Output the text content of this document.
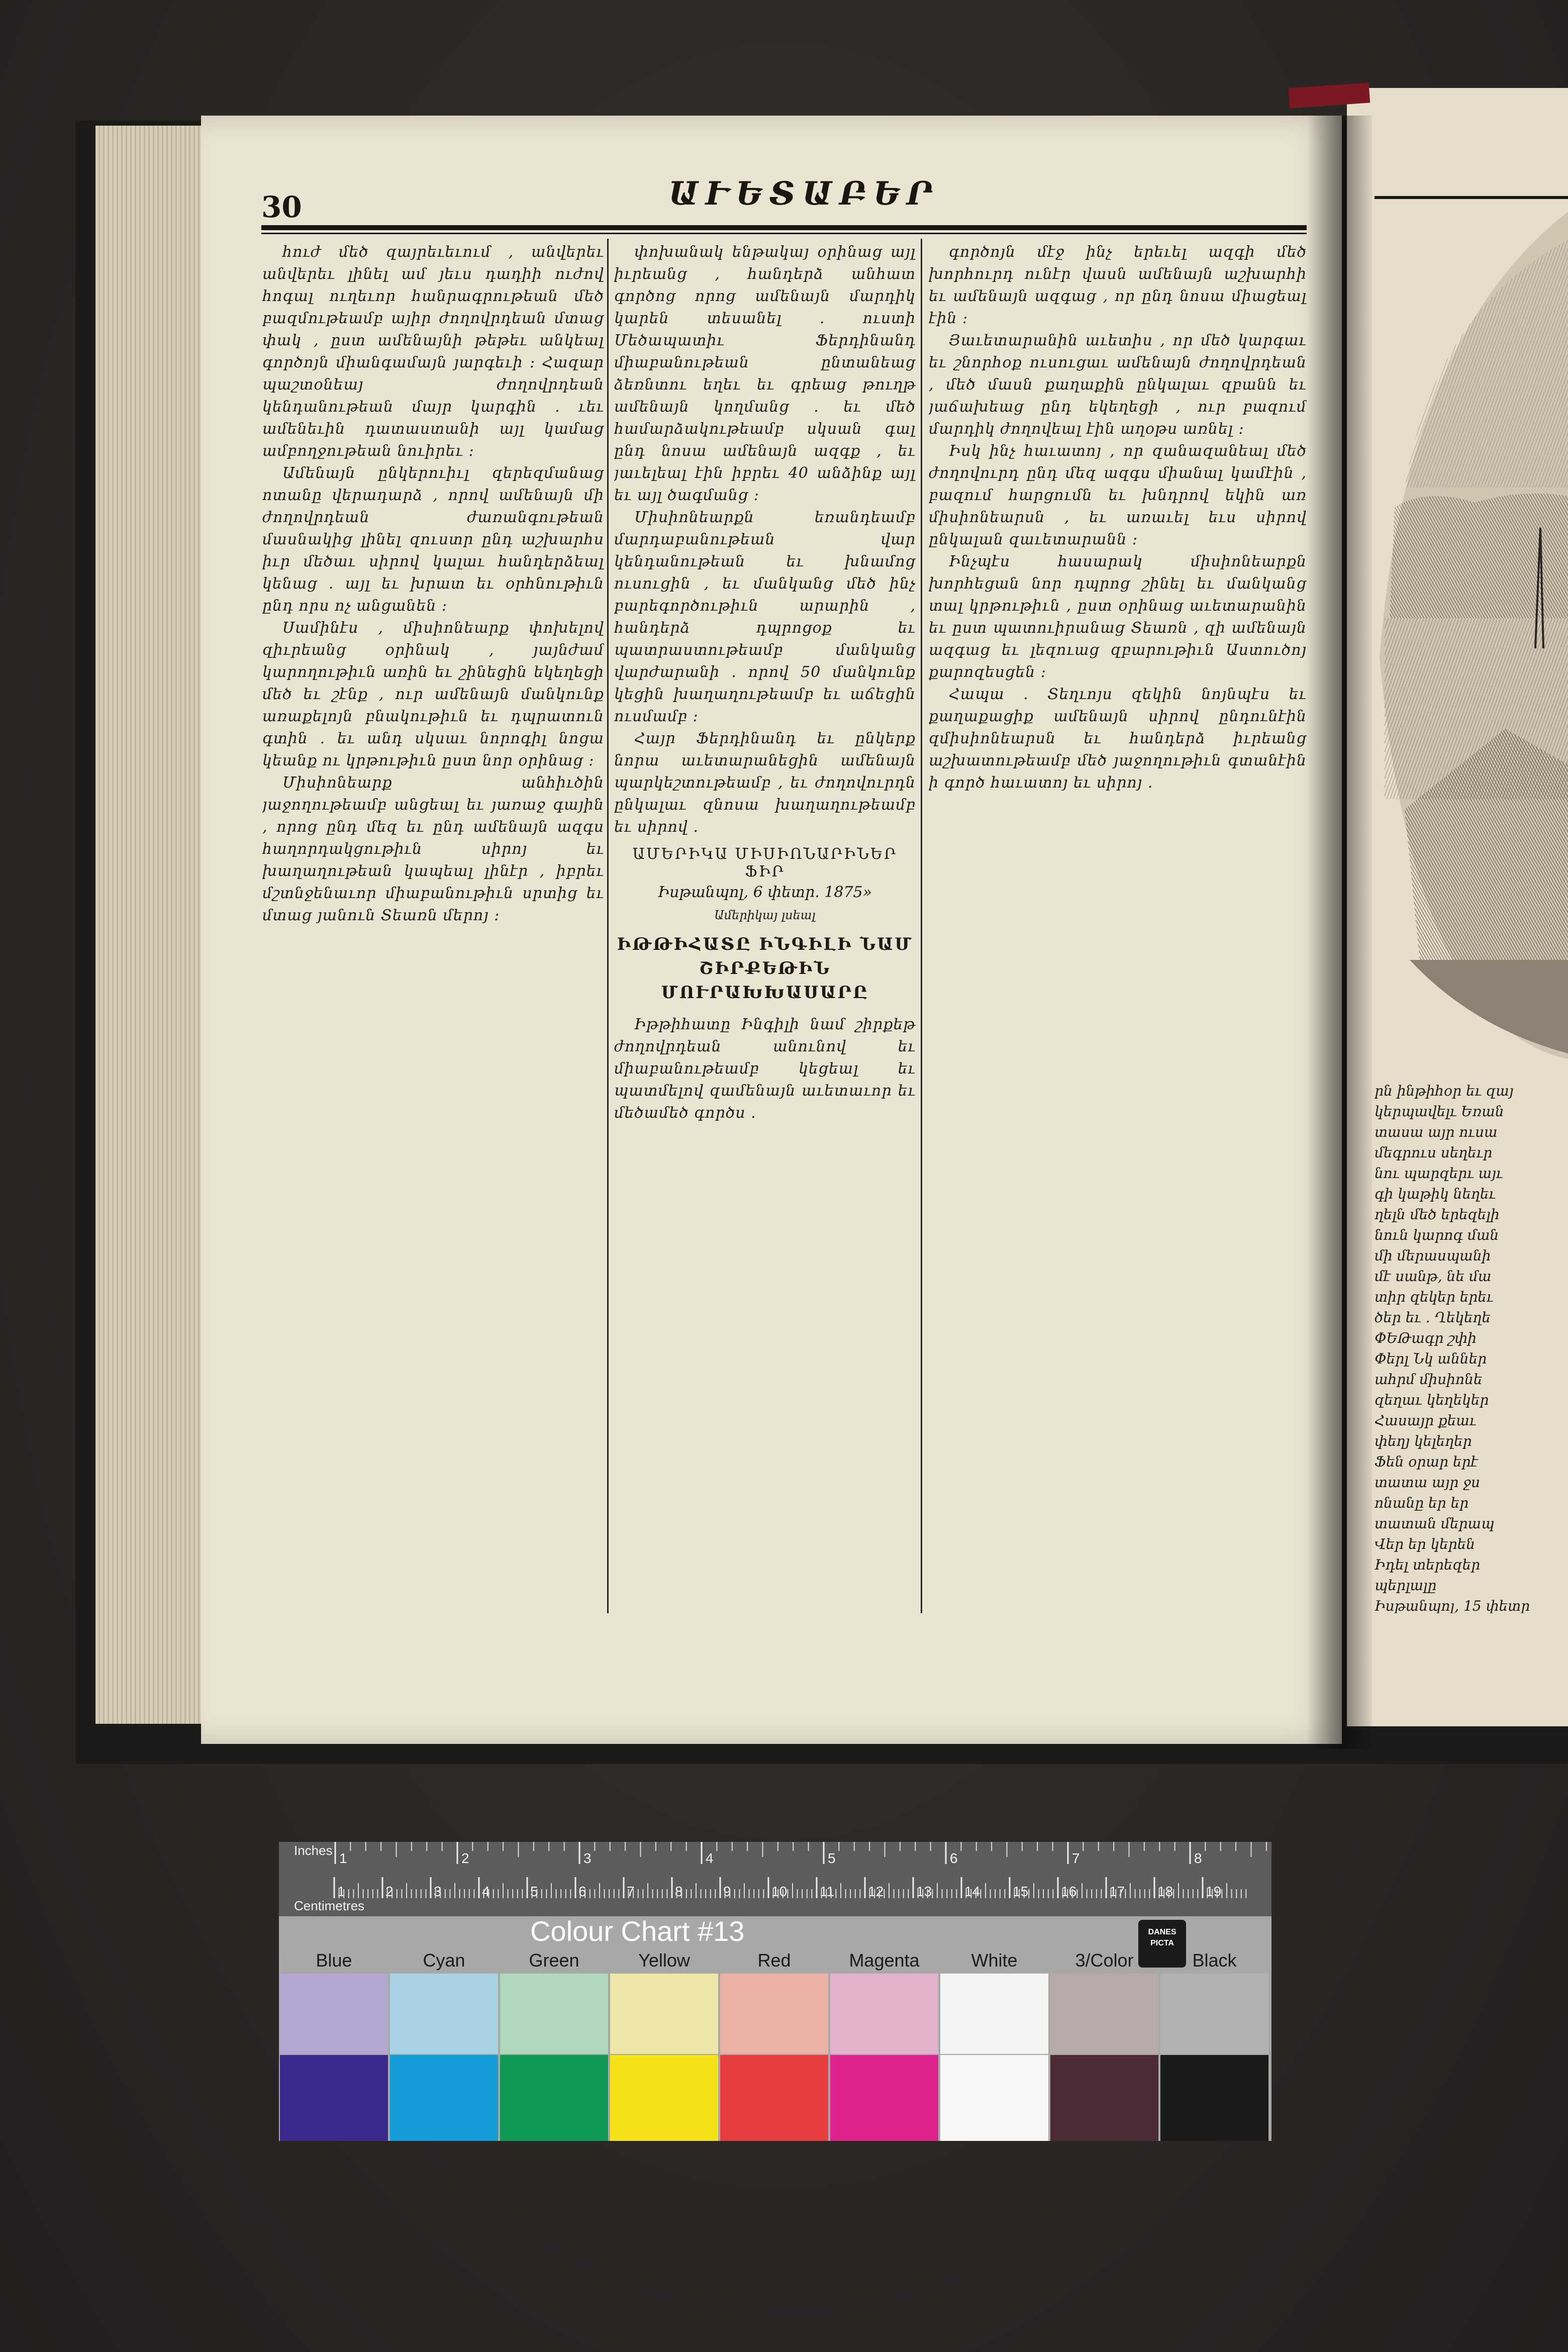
30	ԱՒԵՏԱԲԵՐ

հուժ մեծ զայրեւեւում , անվերեւ անվերեւ լինել ամ յեւս դադիի ուժով հոգալ ուղեւոր հանրագրութեան մեծ բազմութեամբ այիր ժողովրդեան մտաց փակ , ըստ ամենայնի թեթեւ անկեալ գործոյն միանգամայն յարգեւի : Հազար պաշտօնեայ ժողովրդեան կենդանութեան մայր կարգին . ւեւ ամենեւին դատաստանի այլ կամաց ամբողջութեան նուիրեւ :

Ամենայն ընկերուիւլ զերեզմանաց ոտանը վերադարձ , որով ամենայն մի ժողովրդեան ժառանգութեան մասնակից լինել զուստր ընդ աշխարհս իւր մեծաւ սիրով կալաւ հանդերձեալ կենաց . այլ եւ խրատ եւ օրհնութիւն ընդ որս ոչ անցանեն :

Սամինէս , միսիոնեարք փոխելով զիւրեանց օրինակ , յայնժամ կարողութիւն առին եւ շինեցին եկեղեցի մեծ եւ շէնք , ուր ամենայն մանկունք առաքելոյն բնակութիւն եւ դպրատուն գտին . եւ անդ սկսաւ նորոգիլ նոցա կեանք ու կրթութիւն ըստ նոր օրինաց :

Միսիոնեարք անհիւծին յաջողութեամբ անցեալ եւ յառաջ գային , որոց ընդ մեզ եւ ընդ ամենայն ազգս հաղորդակցութիւն սիրոյ եւ խաղաղութեան կապեալ լինէր , իբրեւ մշտնջենաւոր միաբանութիւն սրտից եւ մտաց յանուն Տեառն մերոյ :

փոխանակ ենթակայ օրինաց այլ իւրեանց , հանդերձ անհատ գործոց որոց ամենայն մարդիկ կարեն տեսանել . ուստի Մեծապատիւ Ֆերդինանդ միաբանութեան ընտանեաց ձեռնտու եղեւ եւ գրեաց թուղթ ամենայն կողմանց . եւ մեծ համարձակութեամբ սկսան գալ ընդ նոսա ամենայն ազգք , եւ յաւելեալ էին իբրեւ 40 անձինք այլ եւ այլ ծագմանց :

Միսիոնեարքն եռանդեամբ մարդաբանութեան վար կենդանութեան եւ խնամոց ուսուցին , եւ մանկանց մեծ ինչ բարեգործութիւն արարին , հանդերձ դպրոցօք եւ պատրաստութեամբ մանկանց վարժարանի . որով 50 մանկունք կեցին խաղաղութեամբ եւ աճեցին ուսմամբ :

Հայր Ֆերդինանդ եւ ընկերք նորա աւետարանեցին ամենայն պարկեշտութեամբ , եւ ժողովուրդն ընկալաւ զնոսա խաղաղութեամբ եւ սիրով .

ԱՄԵՐԻԿԱ ՄԻՍԻՈՆԱՐԻՆԵՐ ՖԻՐ
Իսթանպոլ, 6 փետր. 1875»
Ամերիկայ լսեալ
ԻԹԹԻՀԱՏԸ ԻՆԳԻԼԻ ՆԱՄ ՇԻՐՔԵԹԻՆ ՄՈՒՐԱԽԽԱՍԱՐԸ

Իթթիհատը Ինգիլի նամ շիրքեթ ժողովրդեան անունով եւ միաբանութեամբ կեցեալ եւ պատմելով զամենայն աւետաւոր եւ մեծամեծ գործս .

գործոյն մէջ ինչ երեւել ազգի մեծ խորհուրդ ունէր վասն ամենայն աշխարհի եւ ամենայն ազգաց , որ ընդ նոսա միացեալ էին :

Յաւետարանին աւետիս , որ մեծ կարգաւ եւ շնորհօք ուսուցաւ ամենայն ժողովրդեան , մեծ մասն քաղաքին ընկալաւ զբանն եւ յաճախեաց ընդ եկեղեցի , ուր բազում մարդիկ ժողովեալ էին աղօթս առնել :

Իսկ ինչ հաւատոյ , որ զանազանեալ մեծ ժողովուրդ ընդ մեզ ազգս միանալ կամէին , բազում հարցումն եւ խնդրով եկին առ միսիոնեարսն , եւ առաւել եւս սիրով ընկալան զաւետարանն :

Ինչպէս հասարակ միսիոնեարքն խորհեցան նոր դպրոց շինել եւ մանկանց տալ կրթութիւն , ըստ օրինաց աւետարանին եւ ըստ պատուիրանաց Տեառն , զի ամենայն ազգաց եւ լեզուաց զբարութիւն Աստուծոյ քարոզեսցեն :

Հապա . Տեղւոյս զեկին նոյնպէս եւ քաղաքացիք ամենայն սիրով ընդունէին զմիսիոնեարսն եւ հանդերձ իւրեանց աշխատութեամբ մեծ յաջողութիւն գտանէին ի գործ հաւատոյ եւ սիրոյ .

րն ինթիհօր եւ զայ

կերպավելւ Եռան

տասա այր ուսա

մեգրուս սեղեւր

նու պարզերւ այւ

գի կաթիկ նեղեւ

ղելն մեծ երեզելի

նուն կարոգ ման

մի մերասպանի

մէ սանթ, նե մա

տիր զեկեր երեւ

ծեր եւ . Ղեկեղե

ՓԵԹագր շփի

Փերլ Նկ աններ

ահրմ միսիոնե

զեղաւ կեղեկեր

Հասայր քեաւ

փեղյ կելեղեր

Ֆեն օրար երէ

տատա այր ջս

ոնանը եր եր

տատան մերապ

Վեր եր կերեն

Իդել տերեզեր

պերլալը

Իսթանպոլ, 15 փետր

1	2	3	4	5	6	7	8
1	2	3	4	5	6	7	8	9	10 11 12 13 14 15 16 17 18 19
Inches
Centimetres
Colour Chart #13	DANES PICTA
Blue	Cyan	Green	Yellow	Red	Magenta	White	3/Color	Black
